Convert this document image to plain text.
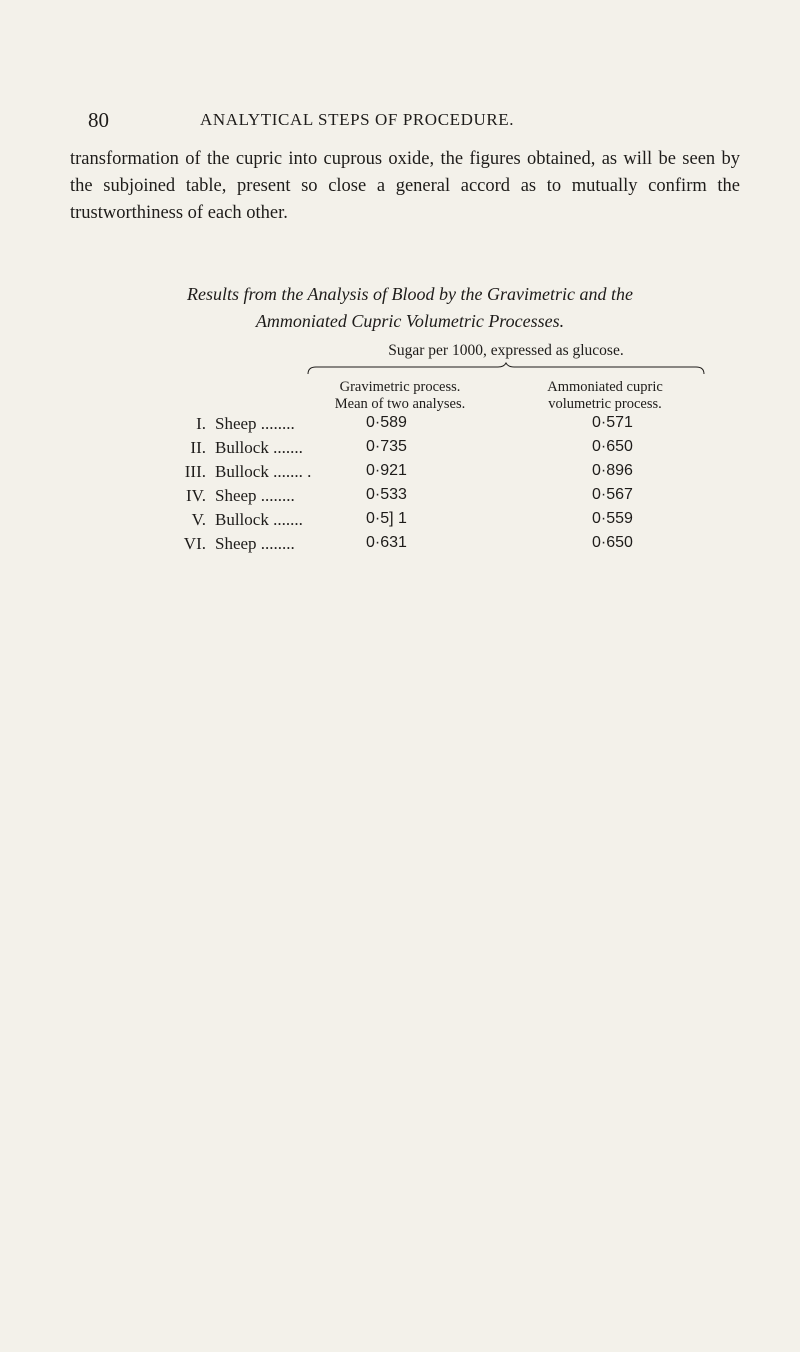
80	ANALYTICAL STEPS OF PROCEDURE.
transformation of the cupric into cuprous oxide, the figures obtained, as will be seen by the subjoined table, present so close a general accord as to mutually confirm the trustworthiness of each other.
Results from the Analysis of Blood by the Gravimetric and the
Ammoniated Cupric Volumetric Processes.
Sugar per 1000, expressed as glucose.
Gravimetric process.
Mean of two analyses.
Ammoniated cupric
volumetric process.
I. Sheep ........	0·589	0·571
II. Bullock .......	0·735	0·650
III. Bullock ....... .	0·921	0·896
IV. Sheep ........	0·533	0·567
V. Bullock .......	0·5] 1	0·559
VI. Sheep ........	0·631	0·650
